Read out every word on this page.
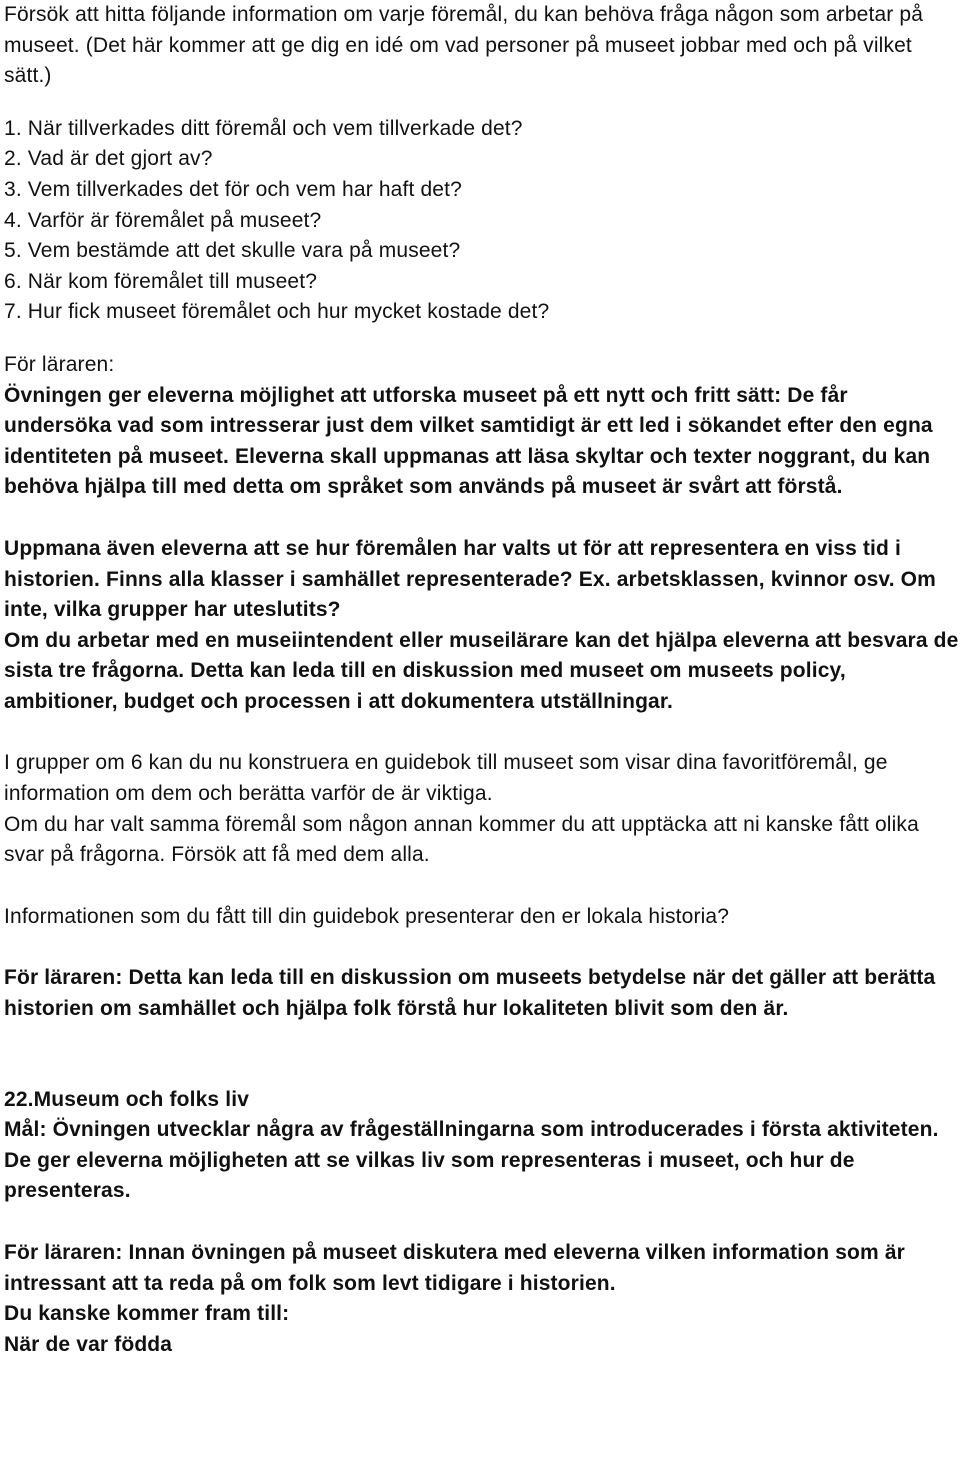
Försök att hitta följande information om varje föremål, du kan behöva fråga någon som arbetar på museet. (Det här kommer att ge dig en idé om vad personer på museet jobbar med och på vilket sätt.)

1. När tillverkades ditt föremål och vem tillverkade det?
2. Vad är det gjort av?
3. Vem tillverkades det för och vem har haft det?
4. Varför är föremålet på museet?
5. Vem bestämde att det skulle vara på museet?
6. När kom föremålet till museet?
7. Hur fick museet föremålet och hur mycket kostade det?

För läraren:

Övningen ger eleverna möjlighet att utforska museet på ett nytt och fritt sätt: De får undersöka vad som intresserar just dem vilket samtidigt är ett led i sökandet efter den egna identiteten på museet. Eleverna skall uppmanas att läsa skyltar och texter noggrant, du kan behöva hjälpa till med detta om språket som används på museet är svårt att förstå.

Uppmana även eleverna att se hur föremålen har valts ut för att representera en viss tid i historien. Finns alla klasser i samhället representerade? Ex. arbetsklassen, kvinnor osv. Om inte, vilka grupper har uteslutits?

Om du arbetar med en museiintendent eller museilärare kan det hjälpa eleverna att besvara de sista tre frågorna. Detta kan leda till en diskussion med museet om museets policy, ambitioner, budget och processen i att dokumentera utställningar.

I grupper om 6 kan du nu konstruera en guidebok till museet som visar dina favoritföremål, ge information om dem och berätta varför de är viktiga.

Om du har valt samma föremål som någon annan kommer du att upptäcka att ni kanske fått olika svar på frågorna. Försök att få med dem alla.

Informationen som du fått till din guidebok presenterar den er lokala historia?

För läraren: Detta kan leda till en diskussion om museets betydelse när det gäller att berätta historien om samhället och hjälpa folk förstå hur lokaliteten blivit som den är.

22.Museum och folks liv

Mål: Övningen utvecklar några av frågeställningarna som introducerades i första aktiviteten. De ger eleverna möjligheten att se vilkas liv som representeras i museet, och hur de presenteras.

För läraren: Innan övningen på museet diskutera med eleverna vilken information som är intressant att ta reda på om folk som levt tidigare i historien.

Du kanske kommer fram till:

När de var födda
